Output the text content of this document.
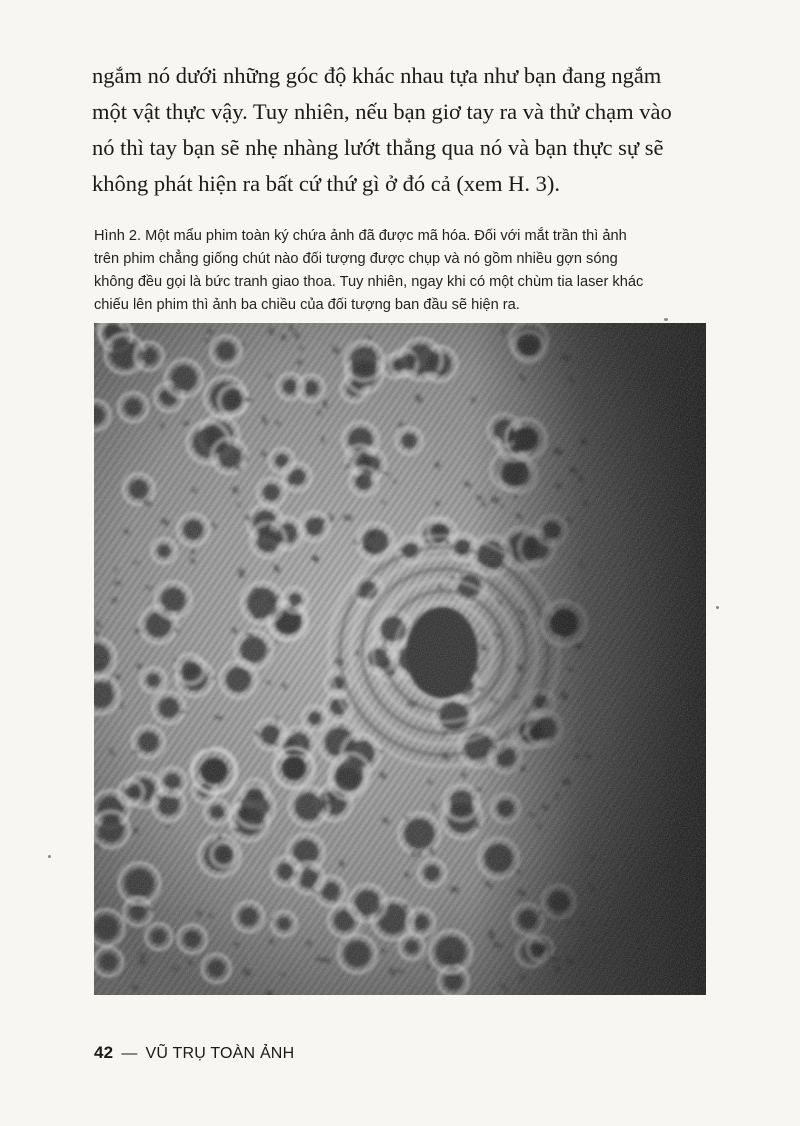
ngắm nó dưới những góc độ khác nhau tựa như bạn đang ngắm
một vật thực vậy. Tuy nhiên, nếu bạn giơ tay ra và thử chạm vào
nó thì tay bạn sẽ nhẹ nhàng lướt thẳng qua nó và bạn thực sự sẽ
không phát hiện ra bất cứ thứ gì ở đó cả (xem H. 3).
Hình 2. Một mẩu phim toàn ký chứa ảnh đã được mã hóa. Đối với mắt trần thì ảnh
trên phim chẳng giống chút nào đối tượng được chụp và nó gồm nhiều gợn sóng
không đều gọi là bức tranh giao thoa. Tuy nhiên, ngay khi có một chùm tia laser khác
chiếu lên phim thì ảnh ba chiều của đối tượng ban đầu sẽ hiện ra.
42 — VŨ TRỤ TOÀN ẢNH
